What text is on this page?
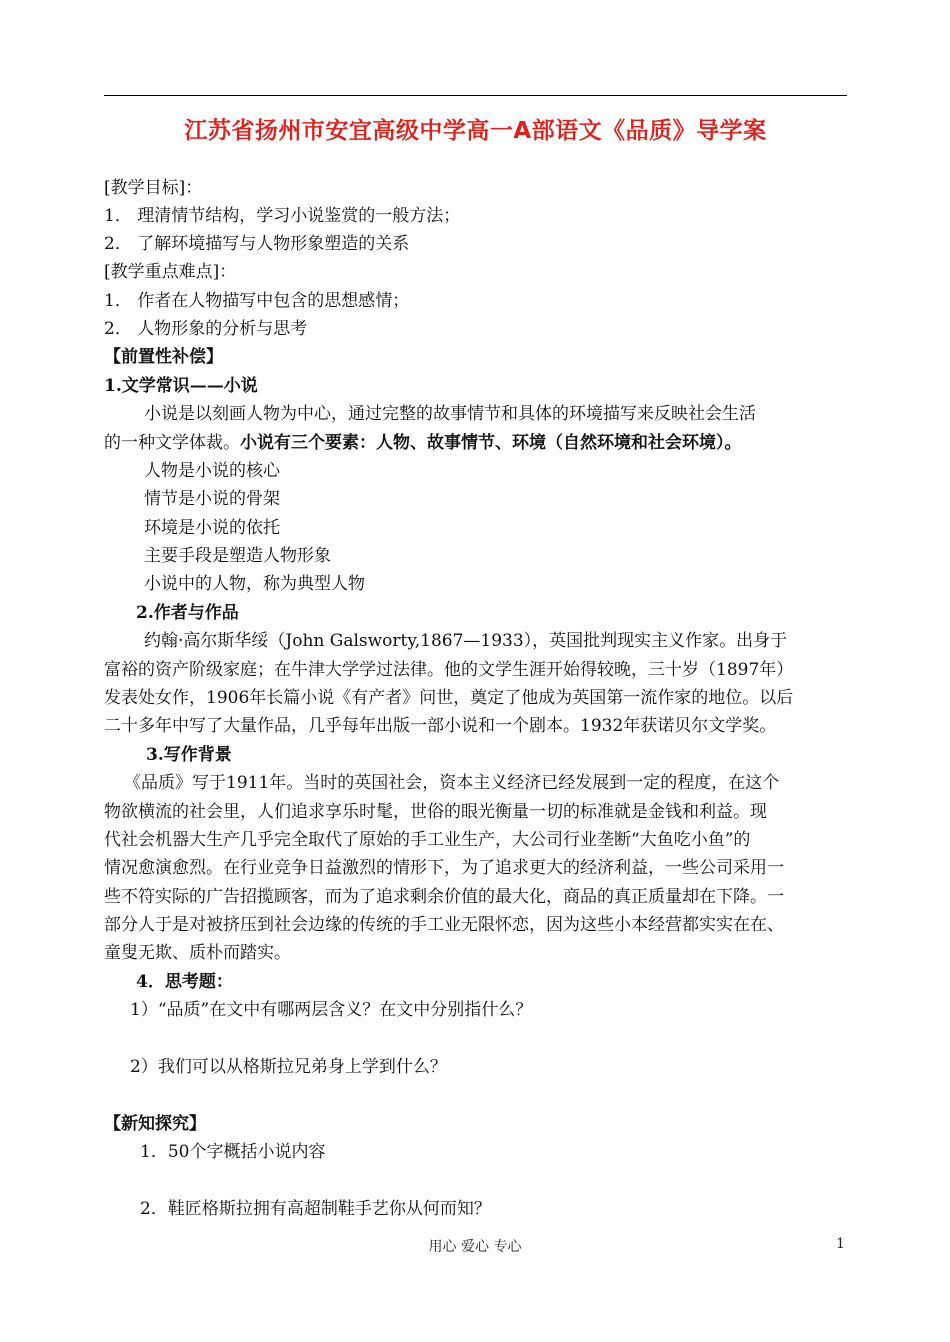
江苏省扬州市安宜高级中学高一A部语文《品质》导学案
[教学目标]：
1． 理清情节结构，学习小说鉴赏的一般方法；
2． 了解环境描写与人物形象塑造的关系
[教学重点难点]：
1． 作者在人物描写中包含的思想感情；
2． 人物形象的分析与思考
【前置性补偿】
1.文学常识——小说
小说是以刻画人物为中心，通过完整的故事情节和具体的环境描写来反映社会生活
的一种文学体裁。小说有三个要素：人物、故事情节、环境（自然环境和社会环境）。
人物是小说的核心
情节是小说的骨架
环境是小说的依托
主要手段是塑造人物形象
小说中的人物，称为典型人物
2.作者与作品
约翰·高尔斯华绥（John Galsworty,1867—1933），英国批判现实主义作家。出身于
富裕的资产阶级家庭；在牛津大学学过法律。他的文学生涯开始得较晚，三十岁（1897年）
发表处女作，1906年长篇小说《有产者》问世，奠定了他成为英国第一流作家的地位。以后
二十多年中写了大量作品，几乎每年出版一部小说和一个剧本。1932年获诺贝尔文学奖。
3.写作背景
《品质》写于1911年。当时的英国社会，资本主义经济已经发展到一定的程度，在这个
物欲横流的社会里，人们追求享乐时髦，世俗的眼光衡量一切的标准就是金钱和利益。现
代社会机器大生产几乎完全取代了原始的手工业生产，大公司行业垄断“大鱼吃小鱼”的
情况愈演愈烈。在行业竞争日益激烈的情形下，为了追求更大的经济利益，一些公司采用一
些不符实际的广告招揽顾客，而为了追求剩余价值的最大化，商品的真正质量却在下降。一
部分人于是对被挤压到社会边缘的传统的手工业无限怀恋，因为这些小本经营都实实在在、
童叟无欺、质朴而踏实。
4．思考题：
1）“品质”在文中有哪两层含义？在文中分别指什么？
2）我们可以从格斯拉兄弟身上学到什么？
【新知探究】
1．50个字概括小说内容
2．鞋匠格斯拉拥有高超制鞋手艺你从何而知？
用心 爱心 专心	1
